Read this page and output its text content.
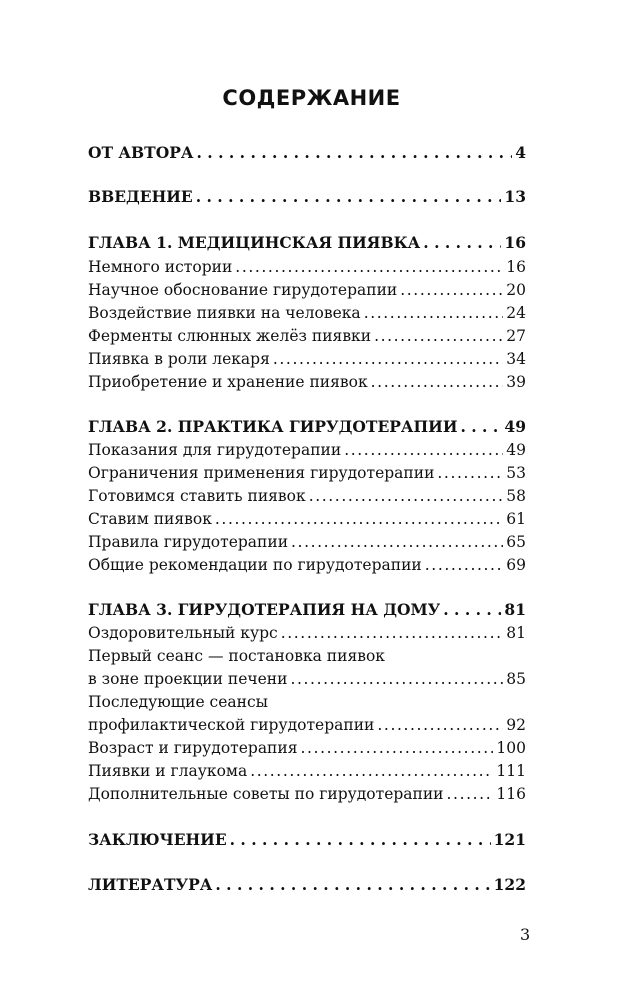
СОДЕРЖАНИЕ
ОТ АВТОРА . . .	4
ВВЕДЕНИЕ . . .	13
ГЛАВА 1. МЕДИЦИНСКАЯ ПИЯВКА . . .	16
Немного истории .....	16
Научное обоснование гирудотерапии .....	20
Воздействие пиявки на человека .....	24
Ферменты слюнных желёз пиявки .....	27
Пиявка в роли лекаря .....	34
Приобретение и хранение пиявок .....	39
ГЛАВА 2. ПРАКТИКА ГИРУДОТЕРАПИИ . . .	49
Показания для гирудотерапии .....	49
Ограничения применения гирудотерапии .....	53
Готовимся ставить пиявок .....	58
Ставим пиявок .....	61
Правила гирудотерапии .....	65
Общие рекомендации по гирудотерапии .....	69
ГЛАВА 3. ГИРУДОТЕРАПИЯ НА ДОМУ . . .	81
Оздоровительный курс .....	81
Первый сеанс — постановка пиявок
в зоне проекции печени .....	85
Последующие сеансы
профилактической гирудотерапии .....	92
Возраст и гирудотерапия .....	100
Пиявки и глаукома .....	111
Дополнительные советы по гирудотерапии .....	116
ЗАКЛЮЧЕНИЕ . . .	121
ЛИТЕРАТУРА . . .	122
3
